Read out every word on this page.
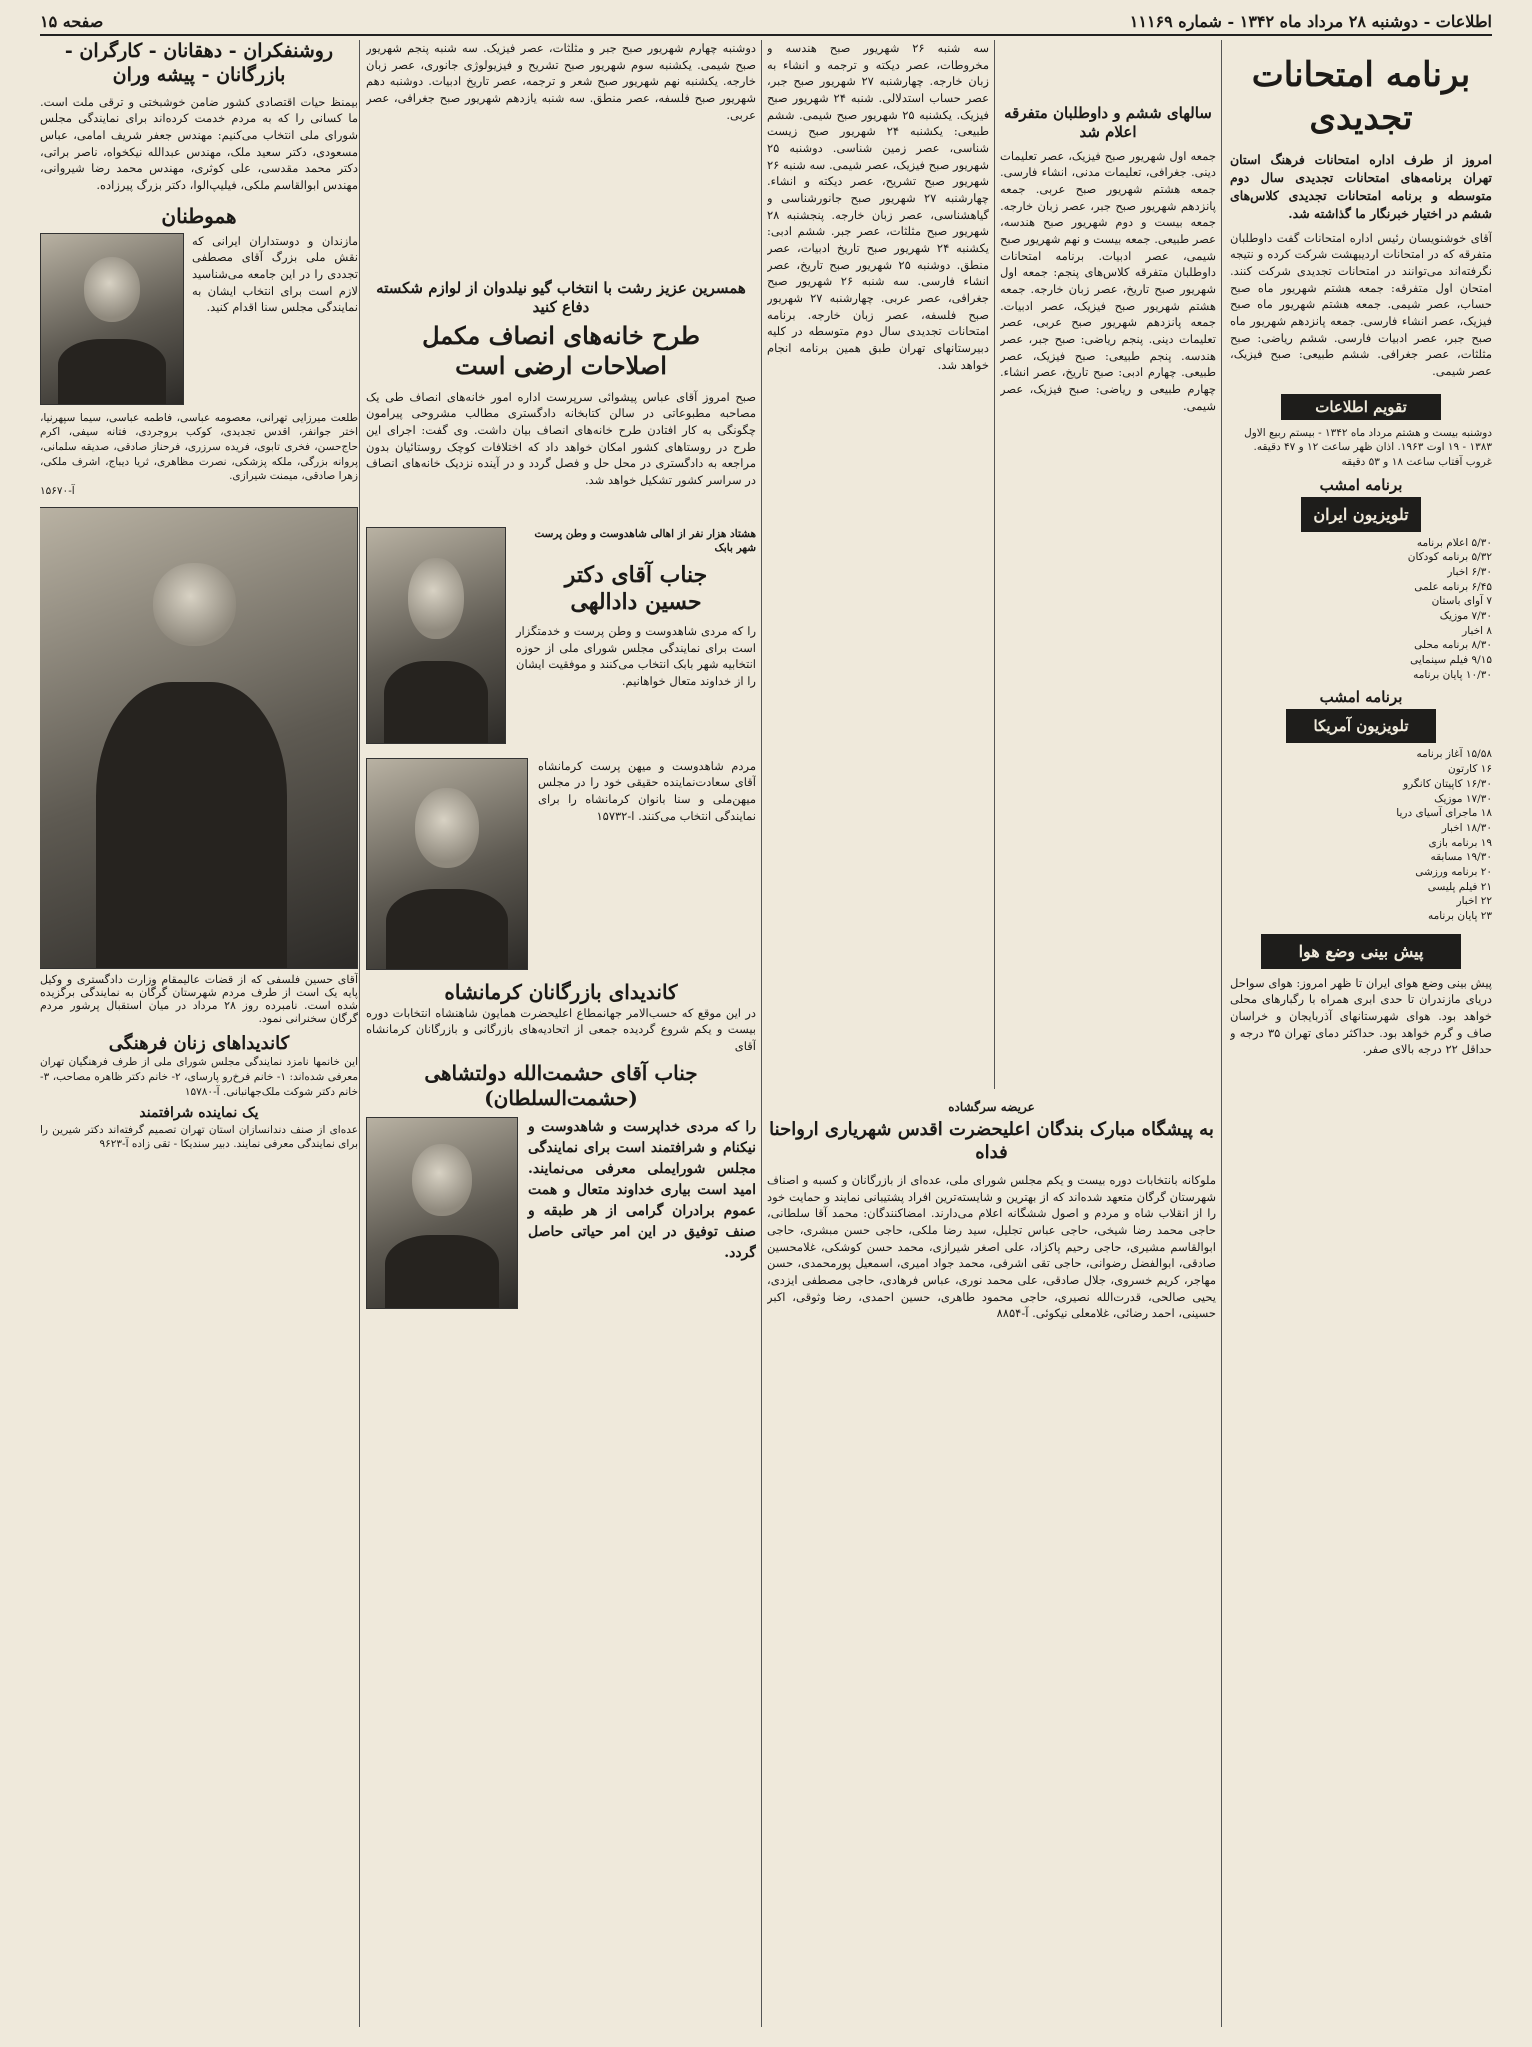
اطلاعات - دوشنبه ۲۸ مرداد ماه ۱۳۴۲ - شماره ۱۱۱۶۹
صفحه ۱۵
برنامه امتحانات تجدیدی
امروز از طرف اداره امتحانات فرهنگ استان تهران برنامه‌های امتحانات تجدیدی سال دوم متوسطه و برنامه امتحانات تجدیدی کلاس‌های ششم در اختیار خبرنگار ما گذاشته شد.
آقای خوشنویسان رئیس اداره امتحانات گفت داوطلبان متفرقه که در امتحانات اردیبهشت شرکت کرده و نتیجه نگرفته‌اند می‌توانند در امتحانات تجدیدی شرکت کنند. امتحان اول متفرقه: جمعه هشتم شهریور ماه صبح حساب، عصر شیمی. جمعه هشتم شهریور ماه صبح فیزیک، عصر انشاء فارسی. جمعه پانزدهم شهریور ماه صبح جبر، عصر ادبیات فارسی. ششم ریاضی: صبح مثلثات، عصر جغرافی. ششم طبیعی: صبح فیزیک، عصر شیمی.
تقویم اطلاعات
دوشنبه بیست و هشتم مرداد ماه ۱۳۴۲ - بیستم ربیع الاول ۱۳۸۳ - ۱۹ اوت ۱۹۶۳. اذان ظهر ساعت ۱۲ و ۴۷ دقیقه. غروب آفتاب ساعت ۱۸ و ۵۳ دقیقه
برنامه امشب
تلویزیون ایران
۵/۳۰ اعلام برنامه
۵/۳۲ برنامه کودکان
۶/۳۰ اخبار
۶/۴۵ برنامه علمی
۷ آوای باستان
۷/۳۰ موزیک
۸ اخبار
۸/۳۰ برنامه محلی
۹/۱۵ فیلم سینمایی
۱۰/۳۰ پایان برنامه
برنامه امشب
تلویزیون آمریکا
۱۵/۵۸ آغاز برنامه
۱۶ کارتون
۱۶/۳۰ کاپیتان کانگرو
۱۷/۳۰ موزیک
۱۸ ماجرای آسیای دریا
۱۸/۳۰ اخبار
۱۹ برنامه بازی
۱۹/۳۰ مسابقه
۲۰ برنامه ورزشی
۲۱ فیلم پلیسی
۲۲ اخبار
۲۳ پایان برنامه
پیش بینی وضع هوا
پیش بینی وضع هوای ایران تا ظهر امروز: هوای سواحل دریای مازندران تا حدی ابری همراه با رگبارهای محلی خواهد بود. هوای شهرستانهای آذربایجان و خراسان صاف و گرم خواهد بود. حداکثر دمای تهران ۳۵ درجه و حداقل ۲۲ درجه بالای صفر.
سالهای ششم و داوطلبان متفرقه اعلام شد
جمعه اول شهریور صبح فیزیک، عصر تعلیمات دینی. جغرافی، تعلیمات مدنی، انشاء فارسی. جمعه هشتم شهریور صبح عربی. جمعه پانزدهم شهریور صبح جبر، عصر زبان خارجه. جمعه بیست و دوم شهریور صبح هندسه، عصر طبیعی. جمعه بیست و نهم شهریور صبح شیمی، عصر ادبیات. برنامه امتحانات داوطلبان متفرقه کلاس‌های پنجم: جمعه اول شهریور صبح تاریخ، عصر زبان خارجه. جمعه هشتم شهریور صبح فیزیک، عصر ادبیات. جمعه پانزدهم شهریور صبح عربی، عصر تعلیمات دینی. پنجم ریاضی: صبح جبر، عصر هندسه. پنجم طبیعی: صبح فیزیک، عصر طبیعی. چهارم ادبی: صبح تاریخ، عصر انشاء. چهارم طبیعی و ریاضی: صبح فیزیک، عصر شیمی.
سه شنبه ۲۶ شهریور صبح هندسه و مخروطات، عصر دیکته و ترجمه و انشاء به زبان خارجه. چهارشنبه ۲۷ شهریور صبح جبر، عصر حساب استدلالی. شنبه ۲۴ شهریور صبح فیزیک. یکشنبه ۲۵ شهریور صبح شیمی. ششم طبیعی: یکشنبه ۲۴ شهریور صبح زیست شناسی، عصر زمین شناسی. دوشنبه ۲۵ شهریور صبح فیزیک، عصر شیمی. سه شنبه ۲۶ شهریور صبح تشریح، عصر دیکته و انشاء. چهارشنبه ۲۷ شهریور صبح جانورشناسی و گیاهشناسی، عصر زبان خارجه. پنجشنبه ۲۸ شهریور صبح مثلثات، عصر جبر. ششم ادبی: یکشنبه ۲۴ شهریور صبح تاریخ ادبیات، عصر منطق. دوشنبه ۲۵ شهریور صبح تاریخ، عصر انشاء فارسی. سه شنبه ۲۶ شهریور صبح جغرافی، عصر عربی. چهارشنبه ۲۷ شهریور صبح فلسفه، عصر زبان خارجه. برنامه امتحانات تجدیدی سال دوم متوسطه در کلیه دبیرستانهای تهران طبق همین برنامه انجام خواهد شد.
دوشنبه چهارم شهریور صبح جبر و مثلثات، عصر فیزیک. سه شنبه پنجم شهریور صبح شیمی. یکشنبه سوم شهریور صبح تشریح و فیزیولوژی جانوری، عصر زبان خارجه. یکشنبه نهم شهریور صبح شعر و ترجمه، عصر تاریخ ادبیات. دوشنبه دهم شهریور صبح فلسفه، عصر منطق. سه شنبه یازدهم شهریور صبح جغرافی، عصر عربی.
همسرین عزیز رشت با انتخاب گیو نیلدوان از لوازم شکسته دفاع کنید
طرح خانه‌های انصاف مکمل
اصلاحات ارضی است
صبح امروز آقای عباس پیشوائی سرپرست اداره امور خانه‌های انصاف طی یک مصاحبه مطبوعاتی در سالن کتابخانه دادگستری مطالب مشروحی پیرامون چگونگی به کار افتادن طرح خانه‌های انصاف بیان داشت. وی گفت: اجرای این طرح در روستاهای کشور امکان خواهد داد که اختلافات کوچک روستائیان بدون مراجعه به دادگستری در محل حل و فصل گردد و در آینده نزدیک خانه‌های انصاف در سراسر کشور تشکیل خواهد شد.
هشتاد هزار نفر از اهالی شاهدوست و وطن پرست شهر بابک
جناب آقای دکتر
حسین دادالهی
را که مردی شاهدوست و وطن پرست و خدمتگزار است برای نمایندگی مجلس شورای ملی از حوزه انتخابیه شهر بابک انتخاب می‌کنند و موفقیت ایشان را از خداوند متعال خواهانیم.
مردم شاهدوست و میهن پرست کرمانشاه آقای سعادت‌نماینده حقیقی خود را در مجلس میهن‌ملی و سنا بانوان کرمانشاه را برای نمایندگی انتخاب می‌کنند. ا-۱۵۷۳۲
کاندیدای بازرگانان کرمانشاه
در این موقع که حسب‌الامر جهانمطاع اعلیحضرت همایون شاهنشاه انتخابات دوره بیست و یکم شروع گردیده جمعی از اتحادیه‌های بازرگانی و بازرگانان کرمانشاه آقای
جناب آقای حشمت‌الله دولتشاهی
(حشمت‌السلطان)
را که مردی خداپرست و شاهدوست و نیکنام و شرافتمند است برای نمایندگی مجلس شورایملی معرفی می‌نمایند. امید است بیاری خداوند متعال و همت عموم برادران گرامی از هر طبقه و صنف توفیق در این امر حیاتی حاصل گردد.
عریضه سرگشاده
به پیشگاه مبارک بندگان اعلیحضرت اقدس شهریاری ارواحنا فداه
ملوکانه بانتخابات دوره بیست و یکم مجلس شورای ملی، عده‌ای از بازرگانان و کسبه و اصناف شهرستان گرگان متعهد شده‌اند که از بهترین و شایسته‌ترین افراد پشتیبانی نمایند و حمایت خود را از انقلاب شاه و مردم و اصول ششگانه اعلام می‌دارند. امضاکنندگان: محمد آقا سلطانی، حاجی محمد رضا شیخی، حاجی عباس تجلیل، سید رضا ملکی، حاجی حسن مبشری، حاجی ابوالقاسم مشیری، حاجی رحیم پاکزاد، علی اصغر شیرازی، محمد حسن کوشکی، غلامحسین صادقی، ابوالفضل رضوانی، حاجی تقی اشرفی، محمد جواد امیری، اسمعیل پورمحمدی، حسن مهاجر، کریم خسروی، جلال صادقی، علی محمد نوری، عباس فرهادی، حاجی مصطفی ایزدی، یحیی صالحی، قدرت‌الله نصیری، حاجی محمود طاهری، حسین احمدی، رضا وثوقی، اکبر حسینی، احمد رضائی، غلامعلی نیکوئی. آ-۸۸۵۴
روشنفکران - دهقانان - کارگران - بازرگانان - پیشه وران
بیمنظ حیات اقتصادی کشور ضامن خوشبختی و ترقی ملت است. ما کسانی را که به مردم خدمت کرده‌اند برای نمایندگی مجلس شورای ملی انتخاب می‌کنیم: مهندس جعفر شریف امامی، عباس مسعودی، دکتر سعید ملک، مهندس عبدالله نیکخواه، ناصر براتی، دکتر محمد مقدسی، علی کوثری، مهندس محمد رضا شیروانی، مهندس ابوالقاسم ملکی، فیلیپ‌الوا، دکتر بزرگ پیرزاده.
هموطنان
مازندان و دوستداران ایرانی که نقش ملی بزرگ آقای مصطفی تجددی را در این جامعه می‌شناسید لازم است برای انتخاب ایشان به نمایندگی مجلس سنا اقدام کنید.
طلعت میرزایی تهرانی، معصومه عباسی، فاطمه عباسی، سیما سپهرنیا، اختر جوانفر، اقدس تجدیدی، کوکب بروجردی، فتانه سیفی، اکرم حاج‌حسن، فخری تابوی، فریده سرزری، فرحناز صادقی، صدیقه سلمانی، پروانه بزرگی، ملکه پزشکی، نصرت مظاهری، ثریا دیباج، اشرف ملکی، زهرا صادقی، میمنت شیرازی.
آ-۱۵۶۷۰
آقای حسین فلسفی که از قضات عالیمقام وزارت دادگستری و وکیل پایه یک است از طرف مردم شهرستان گرگان به نمایندگی برگزیده شده است. نامبرده روز ۲۸ مرداد در میان استقبال پرشور مردم گرگان سخنرانی نمود.
کاندیداهای زنان فرهنگی
این خانمها نامزد نمایندگی مجلس شورای ملی از طرف فرهنگیان تهران معرفی شده‌اند: ۱- خانم فرخ‌رو پارسای، ۲- خانم دکتر ظاهره مصاحب، ۳- خانم دکتر شوکت ملک‌جهانبانی. آ-۱۵۷۸۰
یک نماینده شرافتمند
عده‌ای از صنف دندانسازان استان تهران تصمیم گرفته‌اند دکتر شیرین را برای نمایندگی معرفی نمایند. دبیر سندیکا - تقی زاده آ-۹۶۲۳
